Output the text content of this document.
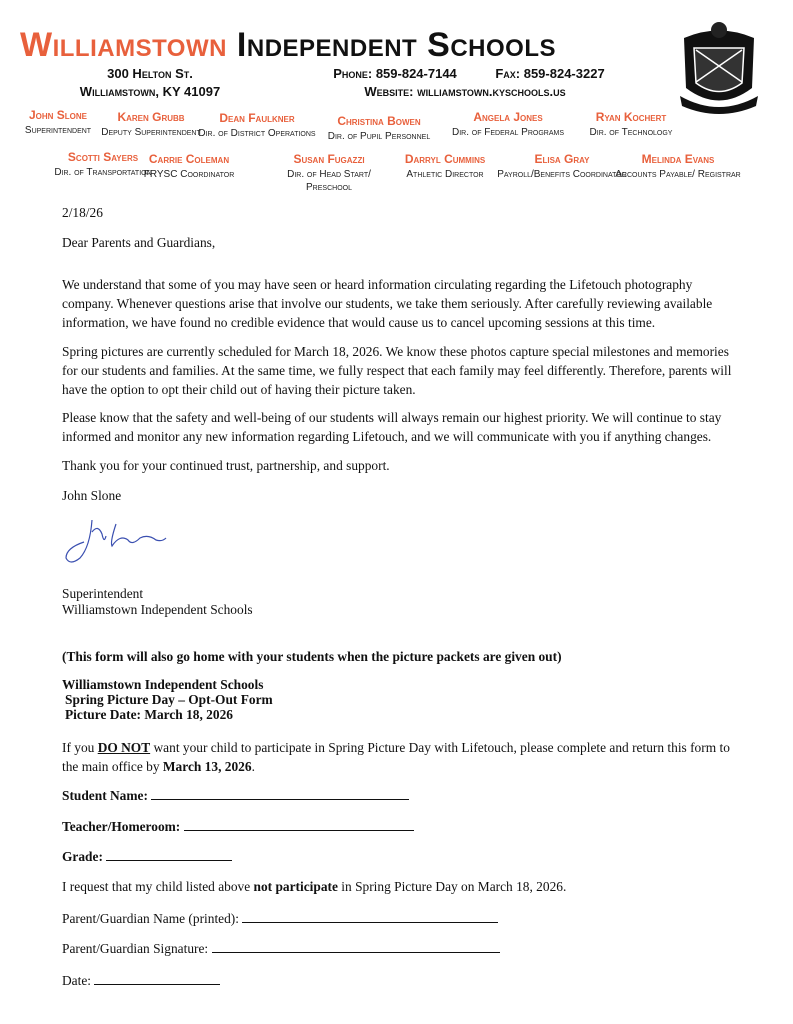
Williamstown Independent Schools
300 Helton St.
Williamstown, KY 41097
Phone: 859-824-7144	Fax: 859-824-3227
Website: williamstown.kyschools.us
John Slone
Superintendent
Karen Grubb
Deputy Superintendent
Dean Faulkner
Dir. of District Operations
Christina Bowen
Dir. of Pupil Personnel
Angela Jones
Dir. of Federal Programs
Ryan Kochert
Dir. of Technology
Scotti Sayers
Dir. of Transportation
Carrie Coleman
FRYSC Coordinator
Susan Fugazzi
Dir. of Head Start/ Preschool
Darryl Cummins
Athletic Director
Elisa Gray
Payroll/Benefits Coordinator
Melinda Evans
Accounts Payable/ Registrar
2/18/26
Dear Parents and Guardians,
We understand that some of you may have seen or heard information circulating regarding the Lifetouch photography company. Whenever questions arise that involve our students, we take them seriously. After carefully reviewing available information, we have found no credible evidence that would cause us to cancel upcoming sessions at this time.
Spring pictures are currently scheduled for March 18, 2026. We know these photos capture special milestones and memories for our students and families. At the same time, we fully respect that each family may feel differently. Therefore, parents will have the option to opt their child out of having their picture taken.
Please know that the safety and well-being of our students will always remain our highest priority. We will continue to stay informed and monitor any new information regarding Lifetouch, and we will communicate with you if anything changes.
Thank you for your continued trust, partnership, and support.
John Slone
Superintendent
Williamstown Independent Schools
(This form will also go home with your students when the picture packets are given out)
Williamstown Independent Schools
Spring Picture Day – Opt-Out Form
Picture Date: March 18, 2026
If you DO NOT want your child to participate in Spring Picture Day with Lifetouch, please complete and return this form to the main office by March 13, 2026.
Student Name:
Teacher/Homeroom:
Grade:
I request that my child listed above not participate in Spring Picture Day on March 18, 2026.
Parent/Guardian Name (printed):
Parent/Guardian Signature:
Date:
